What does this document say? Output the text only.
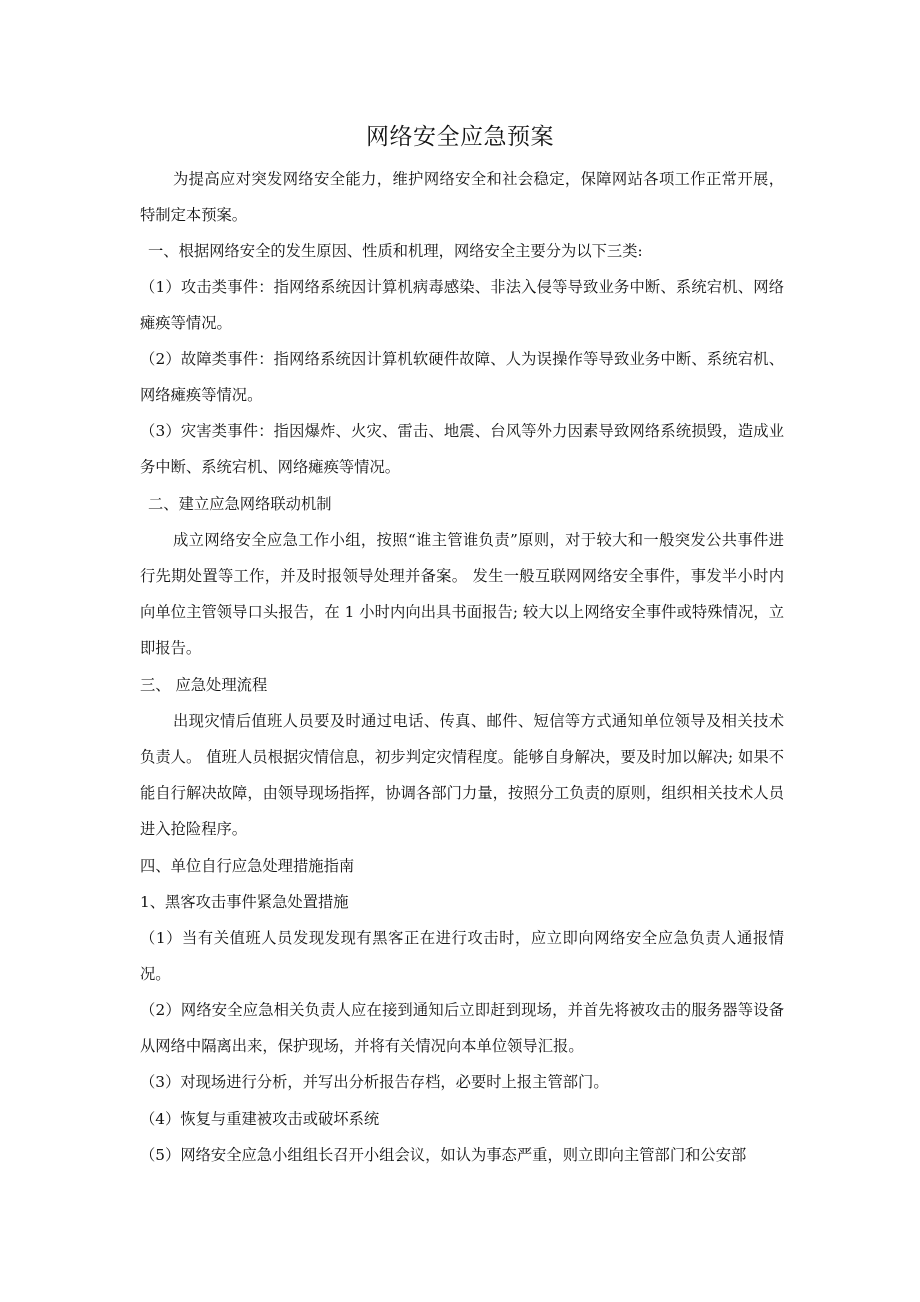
网络安全应急预案

为提高应对突发网络安全能力，维护网络安全和社会稳定，保障网站各项工作正常开展，特制定本预案。

一、根据网络安全的发生原因、性质和机理，网络安全主要分为以下三类:

（1）攻击类事件：指网络系统因计算机病毒感染、非法入侵等导致业务中断、系统宕机、网络瘫痪等情况。

（2）故障类事件：指网络系统因计算机软硬件故障、人为误操作等导致业务中断、系统宕机、网络瘫痪等情况。

（3）灾害类事件：指因爆炸、火灾、雷击、地震、台风等外力因素导致网络系统损毁，造成业务中断、系统宕机、网络瘫痪等情况。

二、建立应急网络联动机制

成立网络安全应急工作小组，按照“谁主管谁负责”原则，对于较大和一般突发公共事件进行先期处置等工作，并及时报领导处理并备案。 发生一般互联网网络安全事件，事发半小时内向单位主管领导口头报告，在 1 小时内向出具书面报告; 较大以上网络安全事件或特殊情况，立即报告。

三、 应急处理流程

出现灾情后值班人员要及时通过电话、传真、邮件、短信等方式通知单位领导及相关技术负责人。 值班人员根据灾情信息，初步判定灾情程度。能够自身解决，要及时加以解决; 如果不能自行解决故障，由领导现场指挥，协调各部门力量，按照分工负责的原则，组织相关技术人员进入抢险程序。

四、单位自行应急处理措施指南

1、黑客攻击事件紧急处置措施

（1）当有关值班人员发现发现有黑客正在进行攻击时，应立即向网络安全应急负责人通报情况。

（2）网络安全应急相关负责人应在接到通知后立即赶到现场，并首先将被攻击的服务器等设备从网络中隔离出来，保护现场，并将有关情况向本单位领导汇报。

（3）对现场进行分析，并写出分析报告存档，必要时上报主管部门。

（4）恢复与重建被攻击或破坏系统

（5）网络安全应急小组组长召开小组会议，如认为事态严重，则立即向主管部门和公安部
